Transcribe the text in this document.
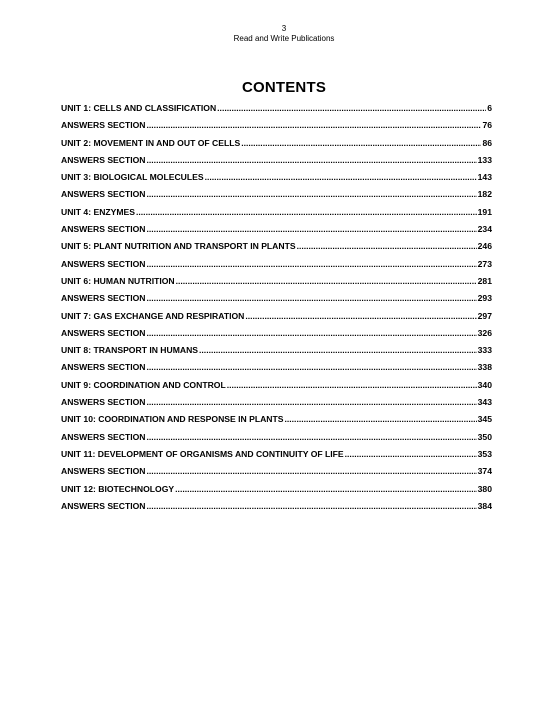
3
Read and Write Publications
CONTENTS
UNIT 1: CELLS AND CLASSIFICATION .....	6
ANSWERS SECTION .....	76
UNIT 2: MOVEMENT IN AND OUT OF CELLS .....	86
ANSWERS SECTION .....	133
UNIT 3: BIOLOGICAL MOLECULES .....	143
ANSWERS SECTION .....	182
UNIT 4: ENZYMES .....	191
ANSWERS SECTION .....	234
UNIT 5: PLANT NUTRITION AND TRANSPORT IN PLANTS .....	246
ANSWERS SECTION .....	273
UNIT 6: HUMAN NUTRITION .....	281
ANSWERS SECTION .....	293
UNIT 7: GAS EXCHANGE AND RESPIRATION .....	297
ANSWERS SECTION .....	326
UNIT 8: TRANSPORT IN HUMANS .....	333
ANSWERS SECTION .....	338
UNIT 9: COORDINATION AND CONTROL .....	340
ANSWERS SECTION .....	343
UNIT 10: COORDINATION AND RESPONSE IN PLANTS .....	345
ANSWERS SECTION .....	350
UNIT 11: DEVELOPMENT OF ORGANISMS AND CONTINUITY OF LIFE .....	353
ANSWERS SECTION .....	374
UNIT 12: BIOTECHNOLOGY .....	380
ANSWERS SECTION .....	384
